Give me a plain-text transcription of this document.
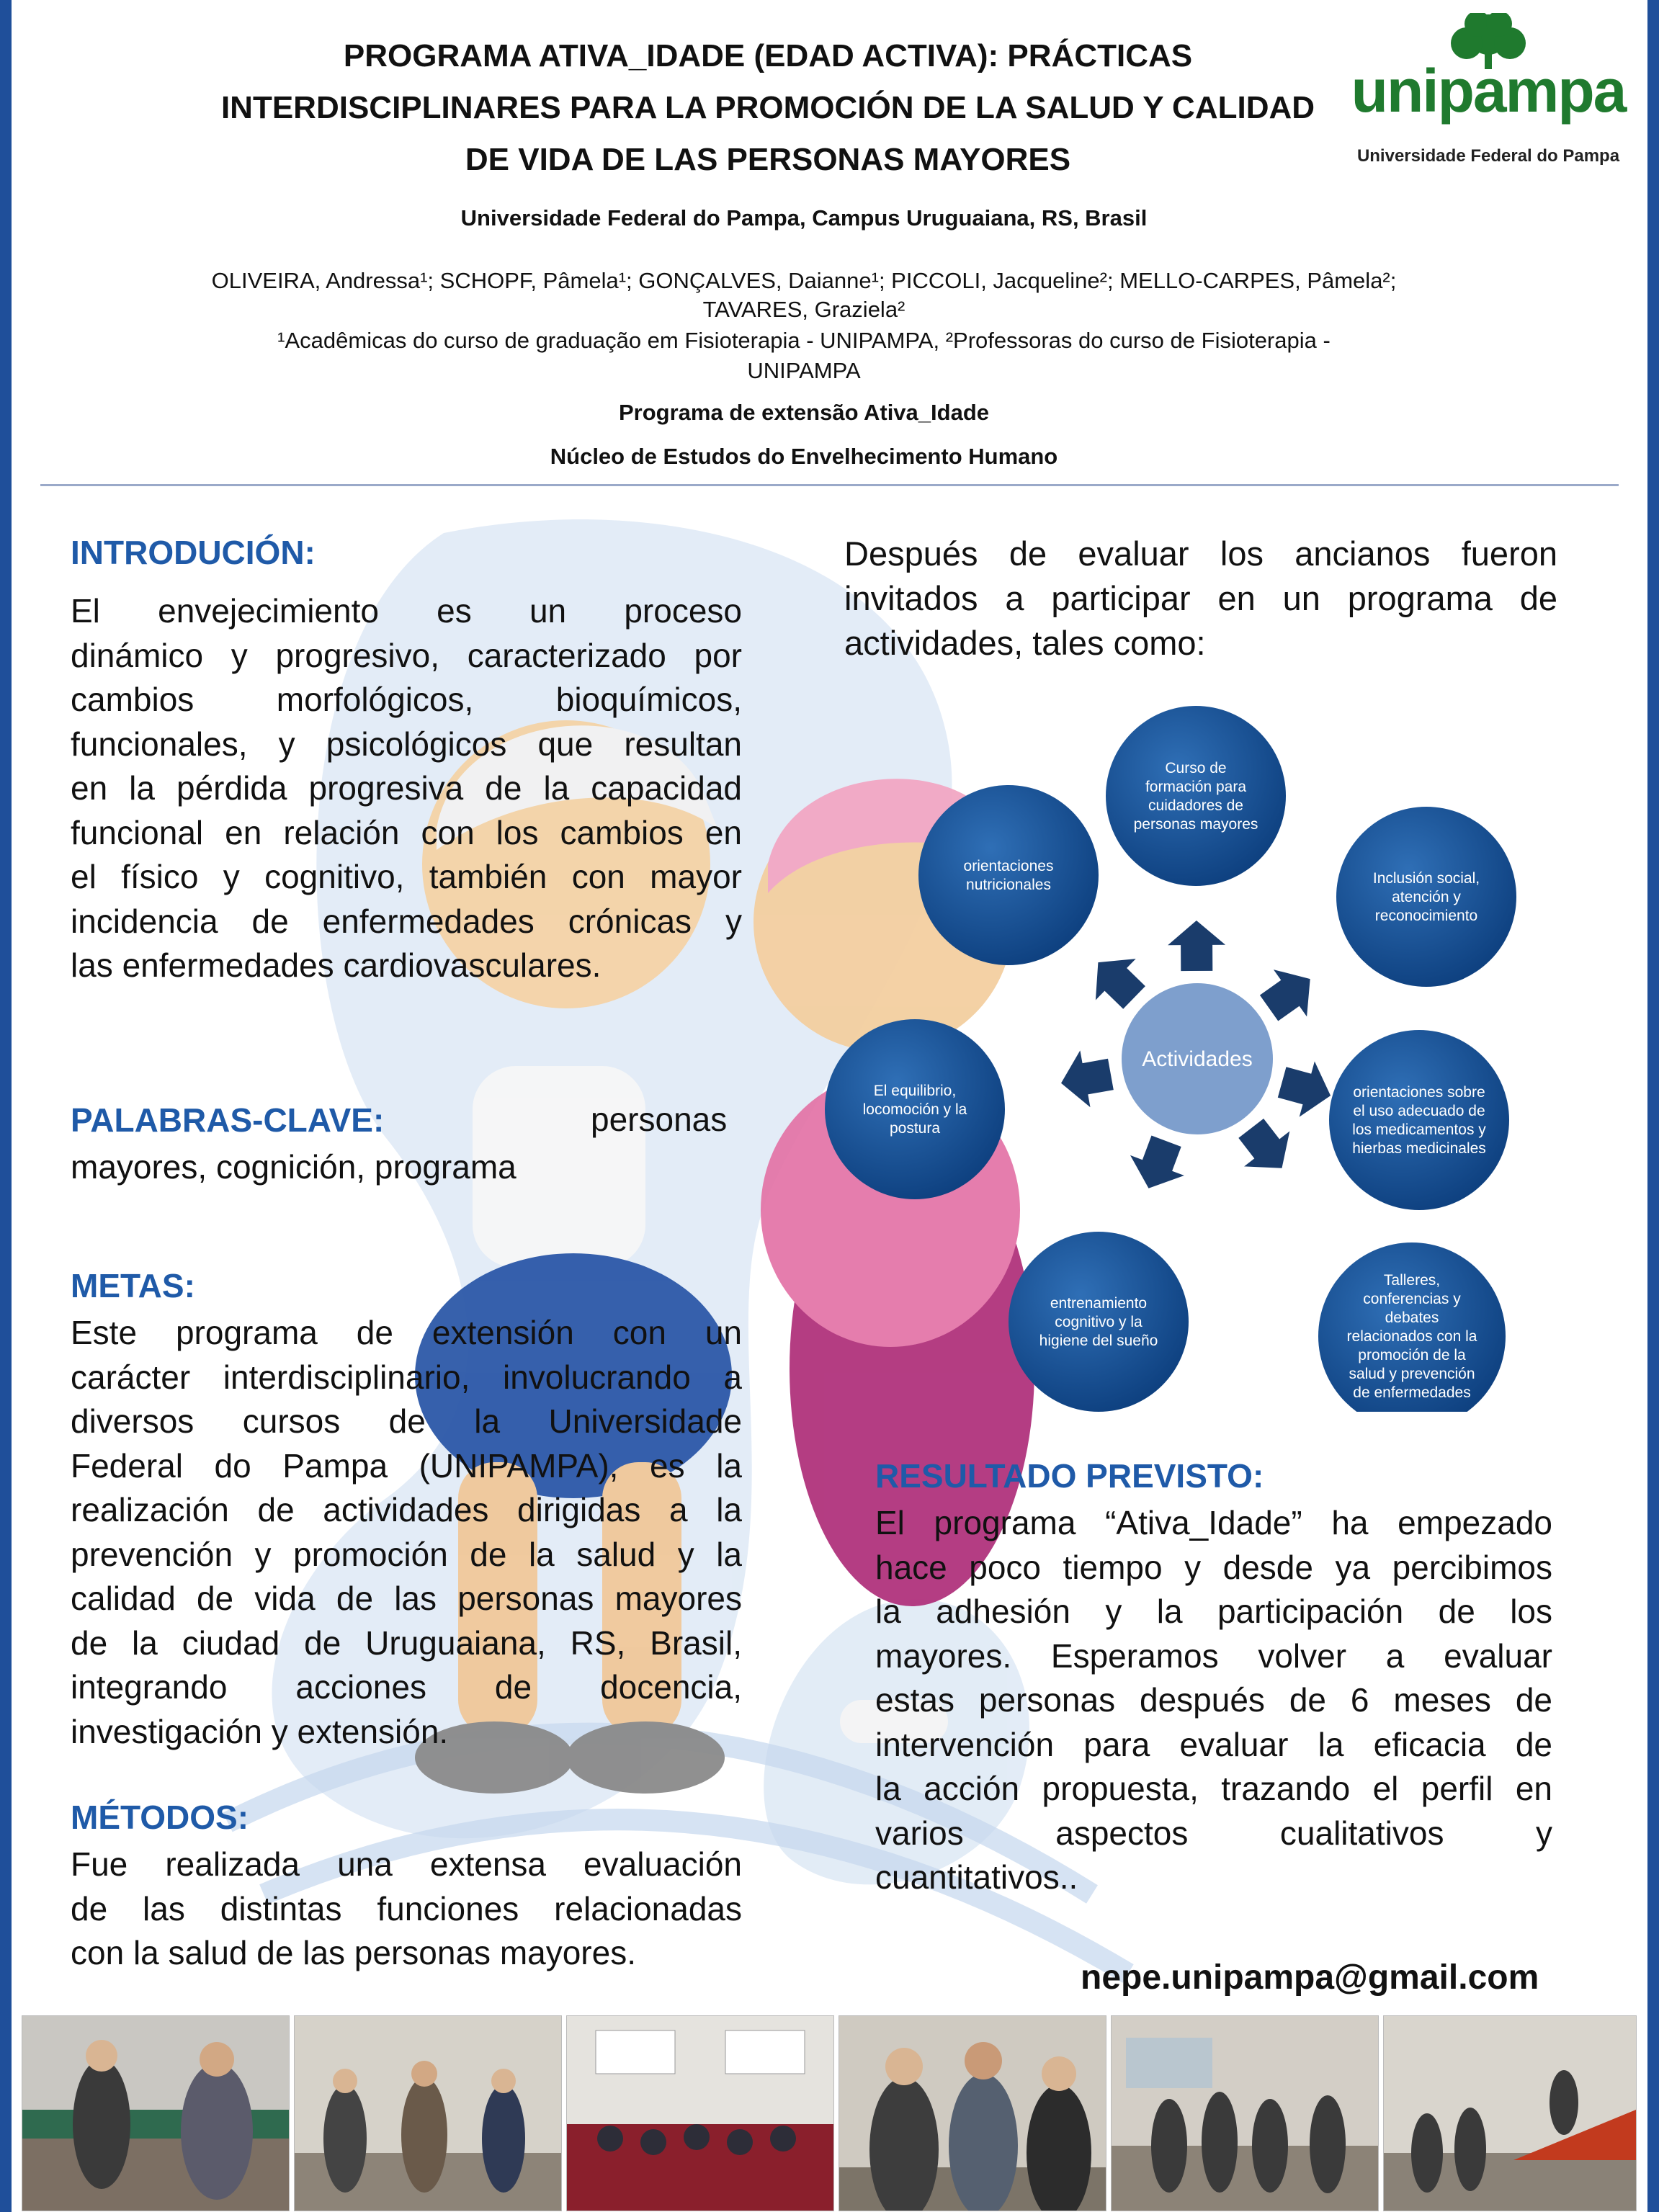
PROGRAMA ATIVA_IDADE (EDAD ACTIVA): PRÁCTICAS
INTERDISCIPLINARES PARA LA PROMOCIÓN DE LA SALUD Y CALIDAD
DE VIDA DE LAS PERSONAS MAYORES
unipampa
Universidade Federal do Pampa
Universidade Federal do Pampa, Campus Uruguaiana, RS, Brasil
OLIVEIRA, Andressa¹; SCHOPF, Pâmela¹; GONÇALVES, Daianne¹; PICCOLI, Jacqueline²; MELLO-CARPES, Pâmela²;
TAVARES, Graziela²
¹Acadêmicas do curso de graduação em Fisioterapia - UNIPAMPA, ²Professoras do curso de Fisioterapia -
UNIPAMPA
Programa de extensão Ativa_Idade
Núcleo de Estudos do Envelhecimento Humano
INTRODUCIÓN:
El envejecimiento es un proceso
dinámico y progresivo, caracterizado por
cambios morfológicos, bioquímicos,
funcionales, y psicológicos que resultan
en la pérdida progresiva de la capacidad
funcional en relación con los cambios en
el físico y cognitivo, también con mayor
incidencia de enfermedades crónicas y
las enfermedades cardiovasculares.
PALABRAS-CLAVE:	personas
mayores, cognición, programa
METAS:
Este programa de extensión con un
carácter interdisciplinario, involucrando a
diversos cursos de la Universidade
Federal do Pampa (UNIPAMPA), es la
realización de actividades dirigidas a la
prevención y promoción de la salud y la
calidad de vida de las personas mayores
de la ciudad de Uruguaiana, RS, Brasil,
integrando acciones de docencia,
investigación y extensión.
MÉTODOS:
Fue realizada una extensa evaluación
de las distintas funciones relacionadas
con la salud de las personas mayores.
Después de evaluar los ancianos fueron
invitados a participar en un programa de
actividades, tales como:
Actividades
Curso de formación para cuidadores de personas mayores
Inclusión social, atención y reconocimiento
orientaciones sobre el uso adecuado de los medicamentos y hierbas medicinales
Talleres, conferencias y debates relacionados con la promoción de la salud y prevención de enfermedades
entrenamiento cognitivo y la higiene del sueño
El equilibrio, locomoción y la postura
orientaciones nutricionales
RESULTADO PREVISTO:
El programa “Ativa_Idade” ha empezado
hace poco tiempo y desde ya percibimos
la adhesión y la participación de los
mayores. Esperamos volver a evaluar
estas personas después de 6 meses de
intervención para evaluar la eficacia de
la acción propuesta, trazando el perfil en
varios aspectos cualitativos y
cuantitativos..
nepe.unipampa@gmail.com
